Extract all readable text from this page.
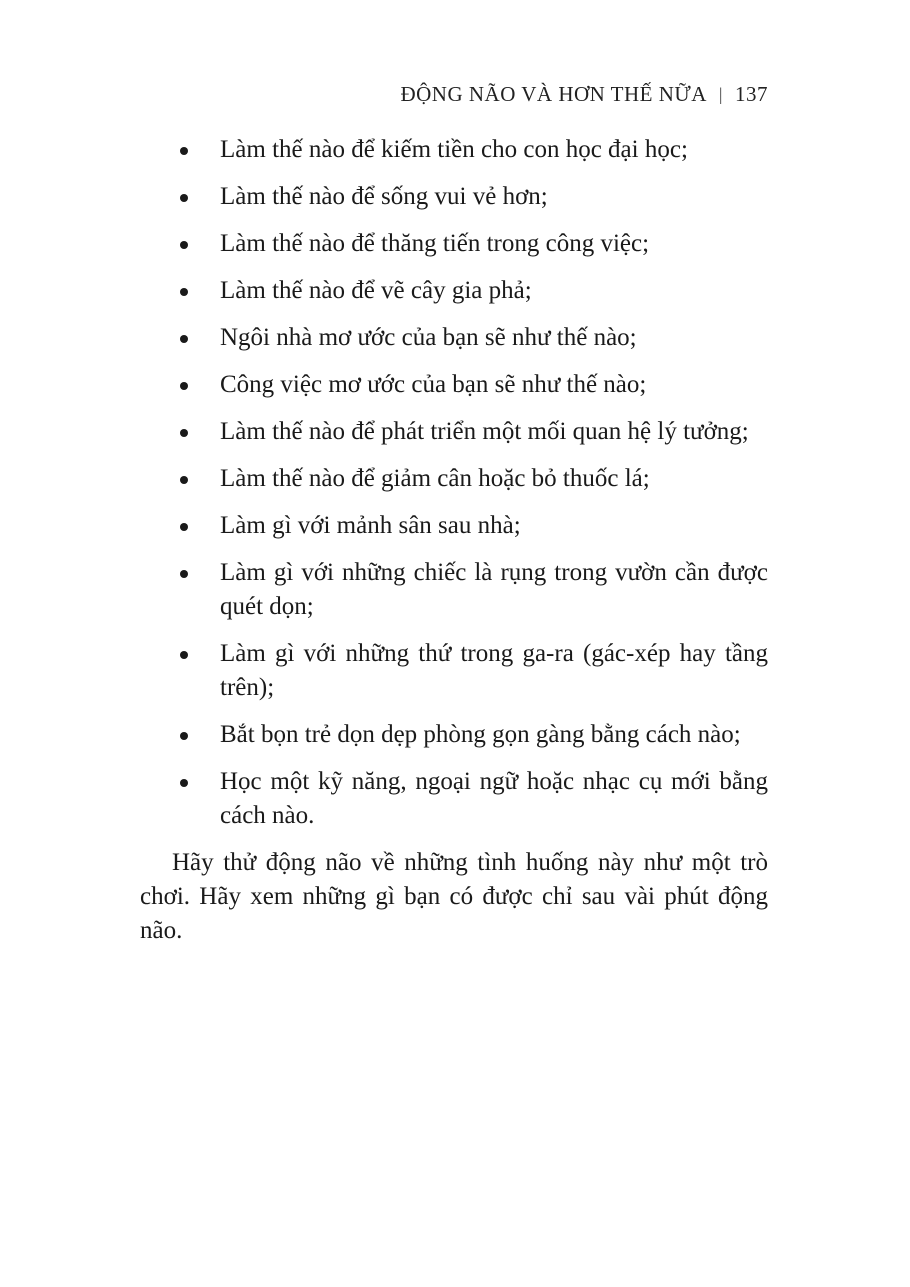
ĐỘNG NÃO VÀ HƠN THẾ NỮA | 137
Làm thế nào để kiếm tiền cho con học đại học;
Làm thế nào để sống vui vẻ hơn;
Làm thế nào để thăng tiến trong công việc;
Làm thế nào để vẽ cây gia phả;
Ngôi nhà mơ ước của bạn sẽ như thế nào;
Công việc mơ ước của bạn sẽ như thế nào;
Làm thế nào để phát triển một mối quan hệ lý tưởng;
Làm thế nào để giảm cân hoặc bỏ thuốc lá;
Làm gì với mảnh sân sau nhà;
Làm gì với những chiếc là rụng trong vườn cần được quét dọn;
Làm gì với những thứ trong ga-ra (gác-xép hay tầng trên);
Bắt bọn trẻ dọn dẹp phòng gọn gàng bằng cách nào;
Học một kỹ năng, ngoại ngữ hoặc nhạc cụ mới bằng cách nào.

Hãy thử động não về những tình huống này như một trò chơi. Hãy xem những gì bạn có được chỉ sau vài phút động não.
